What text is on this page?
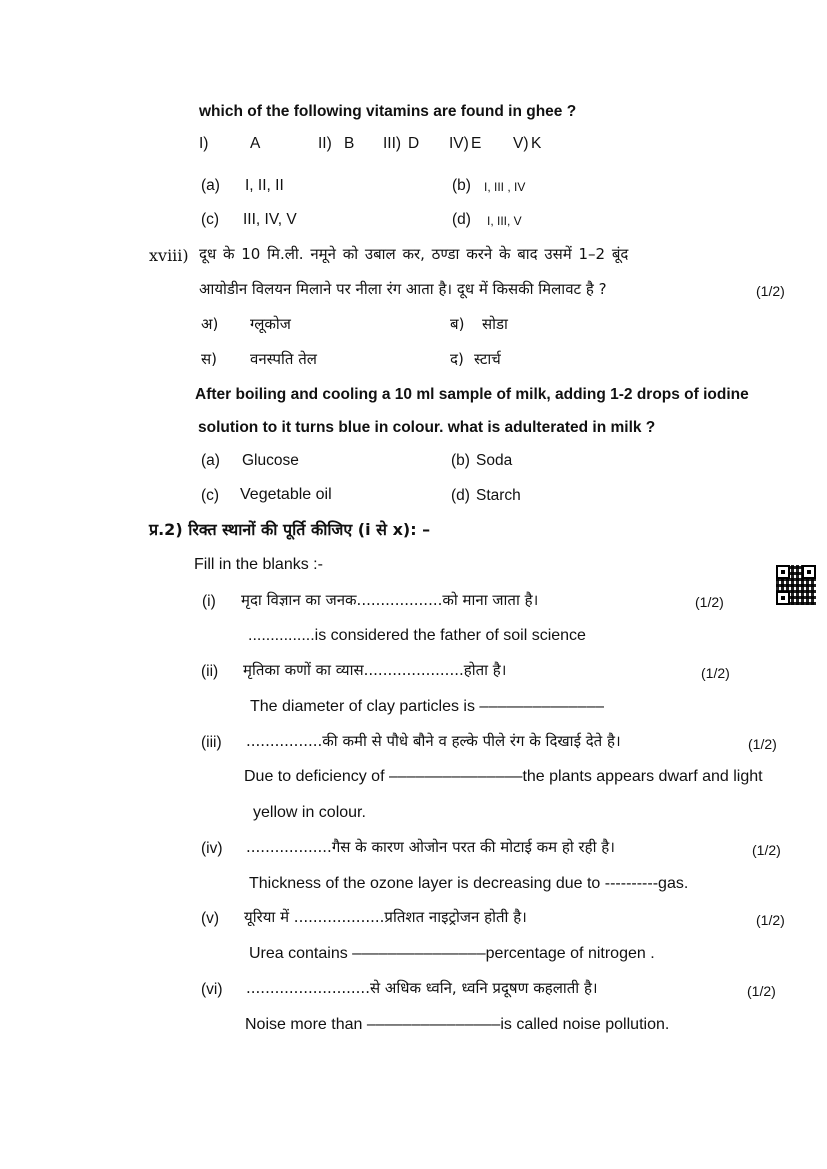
which of the following vitamins are found in ghee ?
I)	A	II) B III) D IV) E V) K
(a) I, II, II	(b) I, III , IV
(c) III, IV, V	(d) I, III, V
xviii) दूध के 10 मि.ली. नमूने को उबाल कर, ठण्डा करने के बाद उसमें 1–2 बूंद
आयोडीन विलयन मिलाने पर नीला रंग आता है। दूध में किसकी मिलावट है ?	(1/2)
अ) ग्लूकोज	ब) सोडा
स) वनस्पति तेल	द) स्टार्च
After boiling and cooling a 10 ml sample of milk, adding 1-2 drops of iodine
solution to it turns blue in colour. what is adulterated in milk ?
(a) Glucose	(b) Soda
(c) Vegetable oil	(d) Starch
प्र.2) रिक्त स्थानों की पूर्ति कीजिए (i से x): –
Fill in the blanks :-
(i) मृदा विज्ञान का जनक..................को माना जाता है।	(1/2)
...............is considered the father of soil science
(ii) मृतिका कणों का व्यास.....................होता है।	(1/2)
The diameter of clay particles is ––––––––––––––
(iii) ................की कमी से पौधे बौने व हल्के पीले रंग के दिखाई देते है।	(1/2)
Due to deficiency of –––––––––––––––the plants appears dwarf and light
yellow in colour.
(iv) ..................गैस के कारण ओजोन परत की मोटाई कम हो रही है।	(1/2)
Thickness of the ozone layer is decreasing due to ----------gas.
(v) यूरिया में ...................प्रतिशत नाइट्रोजन होती है।	(1/2)
Urea contains –––––––––––––––percentage of nitrogen .
(vi) ..........................से अधिक ध्वनि, ध्वनि प्रदूषण कहलाती है।	(1/2)
Noise more than –––––––––––––––is called noise pollution.
